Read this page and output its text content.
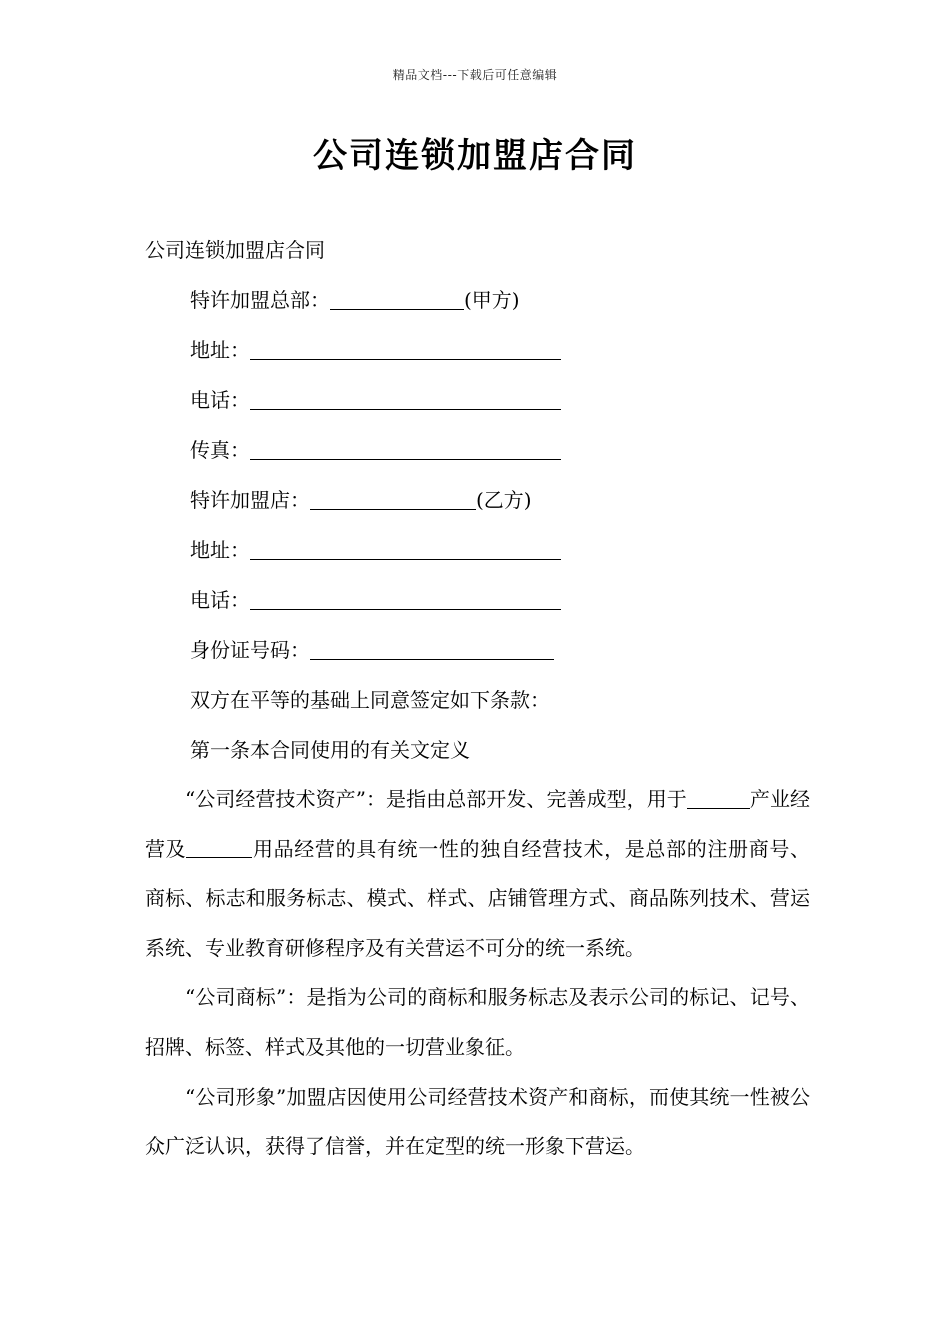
精品文档---下载后可任意编辑
公司连锁加盟店合同
公司连锁加盟店合同
特许加盟总部：	(甲方)
地址：
电话：
传真：
特许加盟店：	(乙方)
地址：
电话：
身份证号码：
双方在平等的基础上同意签定如下条款：
第一条本合同使用的有关文定义

“公司经营技术资产”：是指由总部开发、完善成型，用于	产业经营及	用品经营的具有统一性的独自经营技术，是总部的注册商号、商标、标志和服务标志、模式、样式、店铺管理方式、商品陈列技术、营运系统、专业教育研修程序及有关营运不可分的统一系统。

“公司商标”：是指为公司的商标和服务标志及表示公司的标记、记号、招牌、标签、样式及其他的一切营业象征。

“公司形象”加盟店因使用公司经营技术资产和商标，而使其统一性被公众广泛认识，获得了信誉，并在定型的统一形象下营运。
